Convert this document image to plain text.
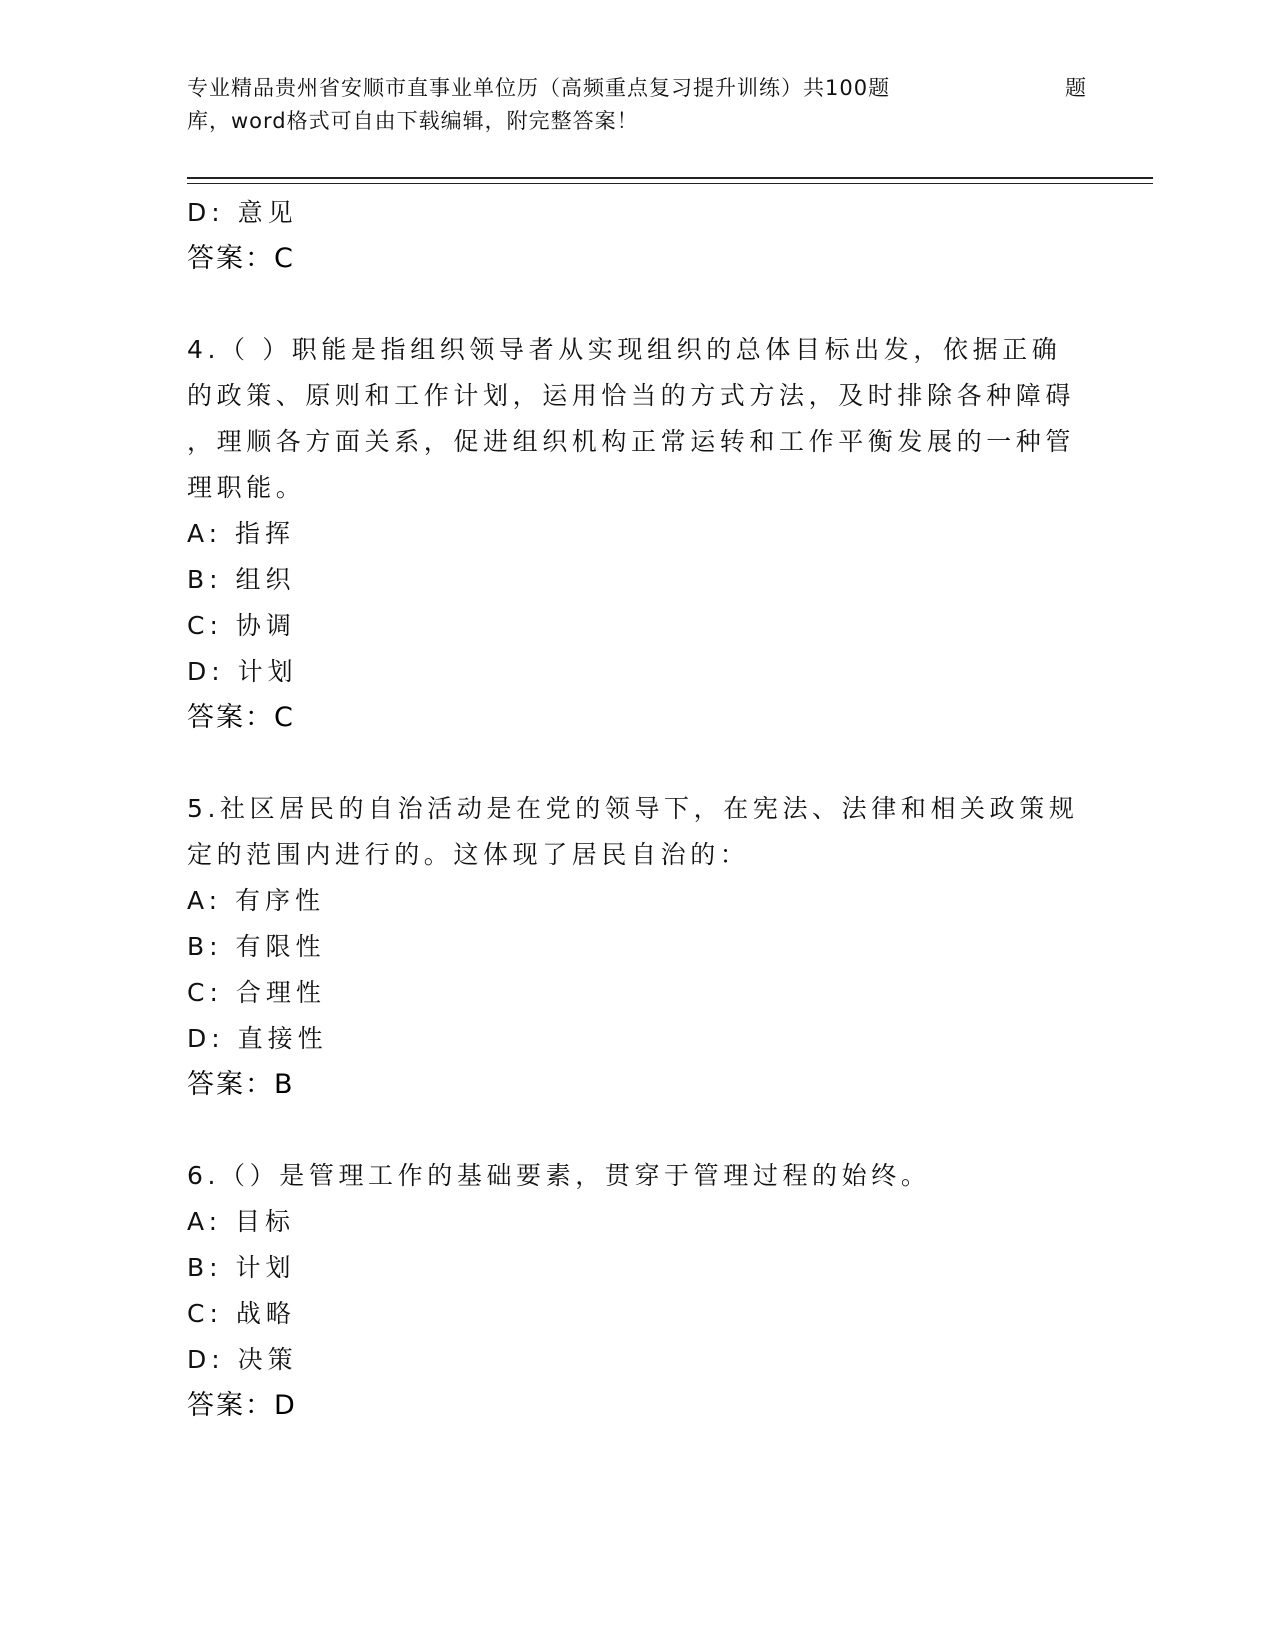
专业精品贵州省安顺市直事业单位历（高频重点复习提升训练）共100题	题
库，word格式可自由下载编辑，附完整答案！
D: 意见
答案：C
4.（ ）职能是指组织领导者从实现组织的总体目标出发，依据正确
的政策、原则和工作计划，运用恰当的方式方法，及时排除各种障碍
，理顺各方面关系，促进组织机构正常运转和工作平衡发展的一种管
理职能。
A: 指挥
B: 组织
C: 协调
D: 计划
答案：C
5.社区居民的自治活动是在党的领导下，在宪法、法律和相关政策规
定的范围内进行的。这体现了居民自治的：
A: 有序性
B: 有限性
C: 合理性
D: 直接性
答案：B
6.（）是管理工作的基础要素，贯穿于管理过程的始终。
A: 目标
B: 计划
C: 战略
D: 决策
答案：D
